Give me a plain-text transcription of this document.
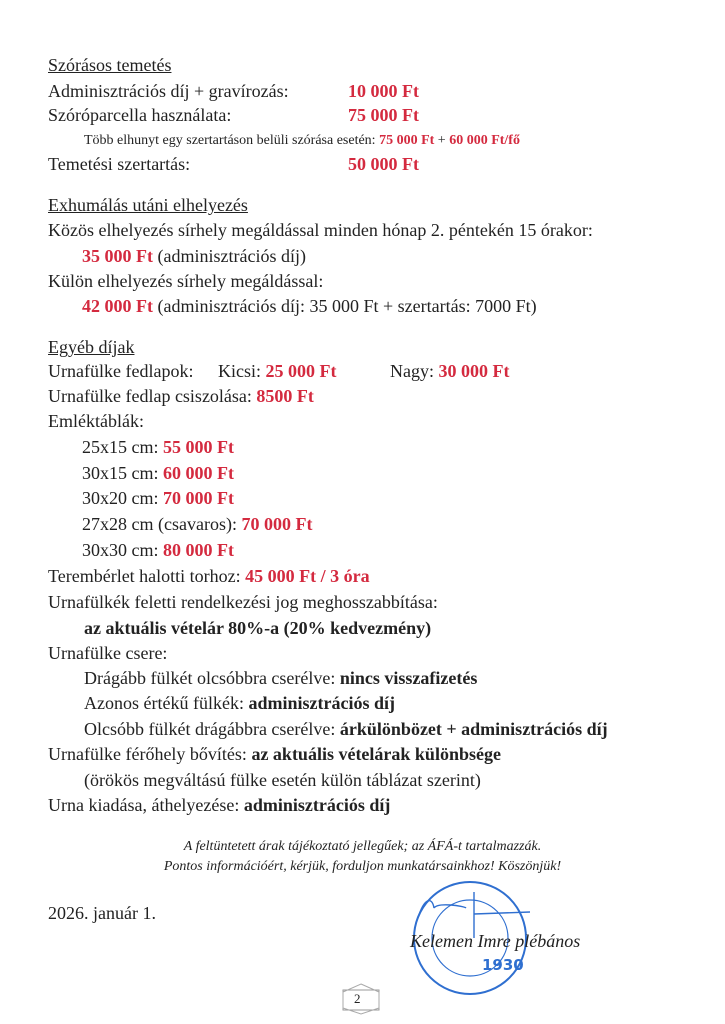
Szórásos temetés
Adminisztrációs díj + gravírozás:	10 000 Ft
Szóróparcella használata:	75 000 Ft
Több elhunyt egy szertartáson belüli szórása esetén: 75 000 Ft + 60 000 Ft/fő
Temetési szertartás:	50 000 Ft
Exhumálás utáni elhelyezés
Közös elhelyezés sírhely megáldással minden hónap 2. péntekén 15 órakor:
35 000 Ft (adminisztrációs díj)
Külön elhelyezés sírhely megáldással:
42 000 Ft (adminisztrációs díj: 35 000 Ft + szertartás: 7000 Ft)
Egyéb díjak
Urnafülke fedlapok: Kicsi: 25 000 Ft	Nagy: 30 000 Ft
Urnafülke fedlap csiszolása: 8500 Ft
Emléktáblák:
25x15 cm: 55 000 Ft
30x15 cm: 60 000 Ft
30x20 cm: 70 000 Ft
27x28 cm (csavaros): 70 000 Ft
30x30 cm: 80 000 Ft
Terembérlet halotti torhoz: 45 000 Ft / 3 óra
Urnafülkék feletti rendelkezési jog meghosszabbítása:
az aktuális vételár 80%-a (20% kedvezmény)
Urnafülke csere:
Drágább fülkét olcsóbbra cserélve: nincs visszafizetés
Azonos értékű fülkék: adminisztrációs díj
Olcsóbb fülkét drágábbra cserélve: árkülönbözet + adminisztrációs díj
Urnafülke férőhely bővítés: az aktuális vételárak különbsége
(örökös megváltású fülke esetén külön táblázat szerint)
Urna kiadása, áthelyezése: adminisztrációs díj
A feltüntetett árak tájékoztató jellegűek; az ÁFÁ-t tartalmazzák.
Pontos információért, kérjük, forduljon munkatársainkhoz! Köszönjük!
2026. január 1.
1930
Kelemen Imre plébános
2
